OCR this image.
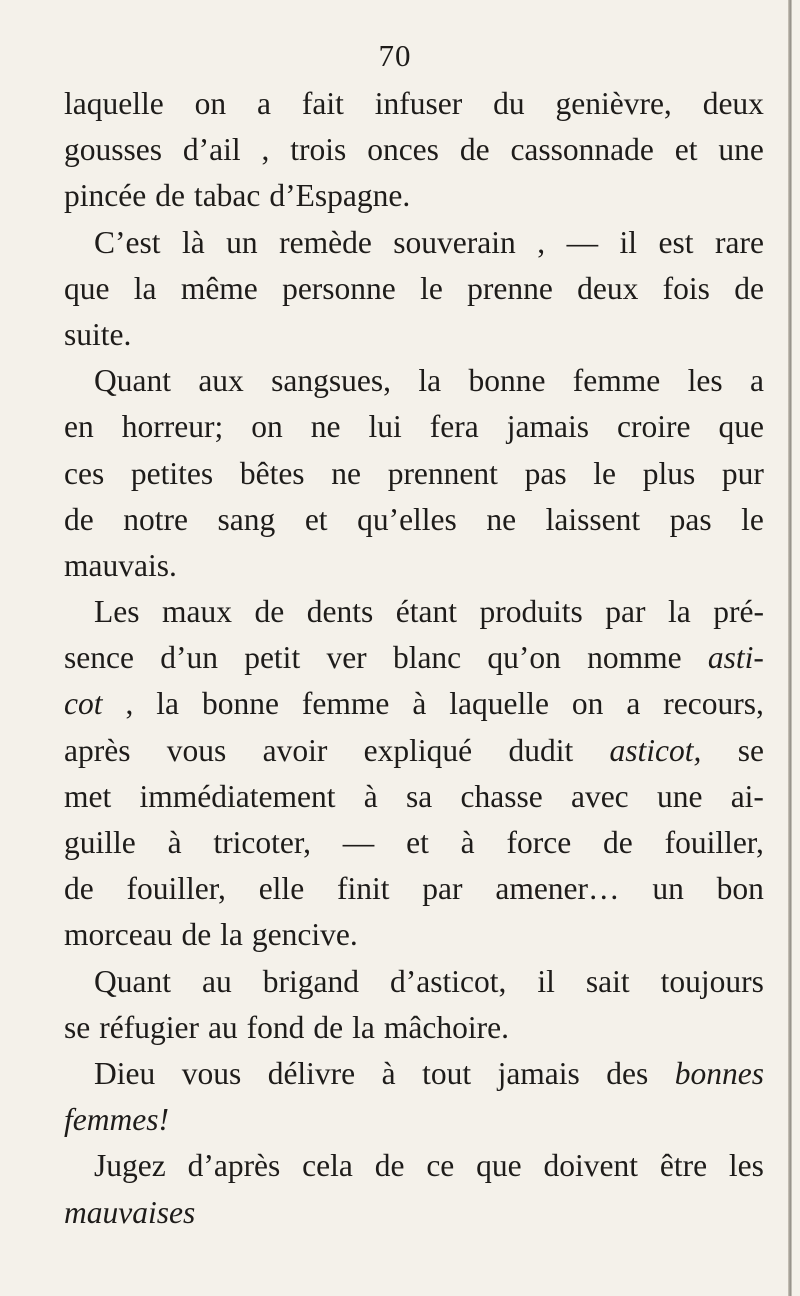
70
laquelle on a fait infuser du genièvre, deux
gousses d’ail , trois onces de cassonnade et une
pincée de tabac d’Espagne.
C’est là un remède souverain , — il est rare
que la même personne le prenne deux fois de
suite.
Quant aux sangsues, la bonne femme les a
en horreur; on ne lui fera jamais croire que
ces petites bêtes ne prennent pas le plus pur
de notre sang et qu’elles ne laissent pas le
mauvais.
Les maux de dents étant produits par la pré-
sence d’un petit ver blanc qu’on nomme asti-
cot , la bonne femme à laquelle on a recours,
après vous avoir expliqué dudit asticot, se
met immédiatement à sa chasse avec une ai-
guille à tricoter, — et à force de fouiller,
de fouiller, elle finit par amener… un bon
morceau de la gencive.
Quant au brigand d’asticot, il sait toujours
se réfugier au fond de la mâchoire.
Dieu vous délivre à tout jamais des bonnes
femmes!
Jugez d’après cela de ce que doivent être les
mauvaises
